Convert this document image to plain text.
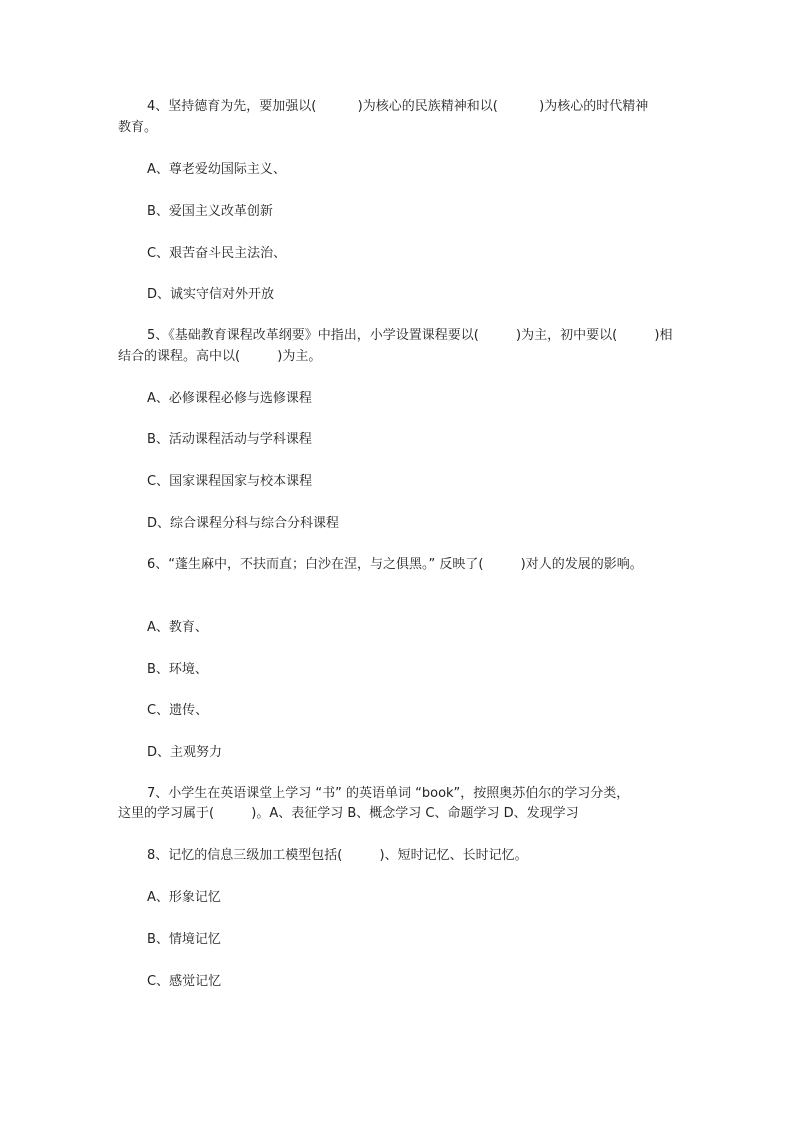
4、坚持德育为先，要加强以(          )为核心的民族精神和以(          )为核心的时代精神
教育。
A、尊老爱幼国际主义、
B、爱国主义改革创新
C、艰苦奋斗民主法治、
D、诚实守信对外开放
5、《基础教育课程改革纲要》中指出，小学设置课程要以(         )为主，初中要以(         )相
结合的课程。高中以(         )为主。
A、必修课程必修与选修课程
B、活动课程活动与学科课程
C、国家课程国家与校本课程
D、综合课程分科与综合分科课程
6、“蓬生麻中，不扶而直；白沙在涅，与之俱黑。” 反映了(         )对人的发展的影响。
A、教育、
B、环境、
C、遗传、
D、主观努力
7、小学生在英语课堂上学习 “书” 的英语单词 “book”，按照奥苏伯尔的学习分类，
这里的学习属于(         )。A、表征学习 B、概念学习 C、命题学习 D、发现学习
8、记忆的信息三级加工模型包括(         )、短时记忆、长时记忆。
A、形象记忆
B、情境记忆
C、感觉记忆
